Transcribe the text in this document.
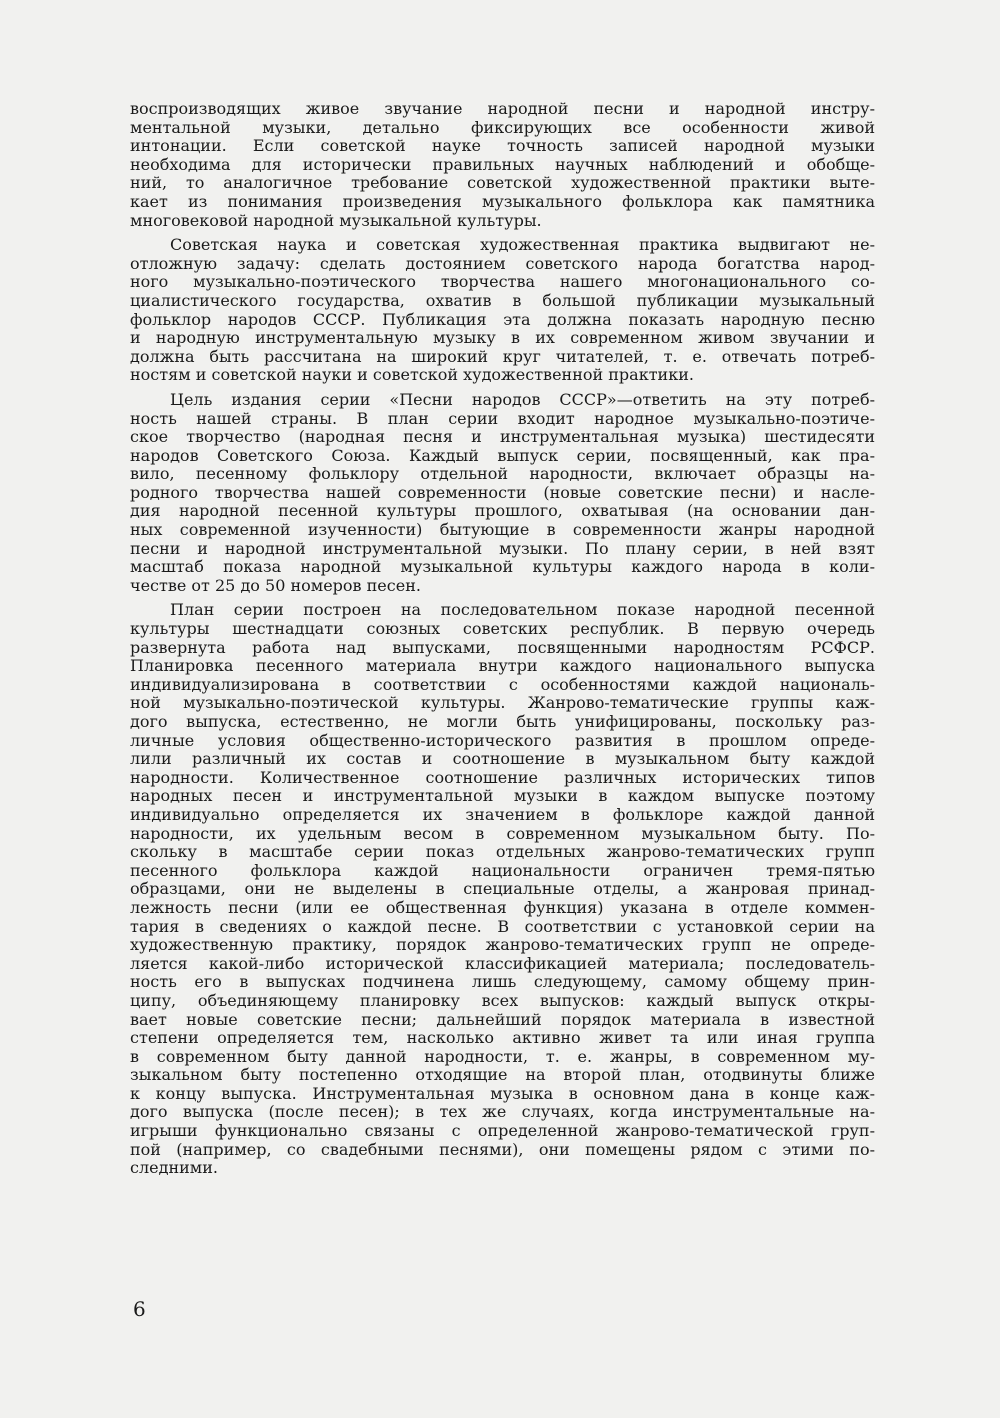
воспроизводящих живое звучание народной песни и народной инстру-
ментальной музыки, детально фиксирующих все особенности живой
интонации. Если советской науке точность записей народной музыки
необходима для исторически правильных научных наблюдений и обобще-
ний, то аналогичное требование советской художественной практики выте-
кает из понимания произведения музыкального фольклора как памятника
многовековой народной музыкальной культуры.
Советская наука и советская художественная практика выдвигают не-
отложную задачу: сделать достоянием советского народа богатства народ-
ного музыкально-поэтического творчества нашего многонационального со-
циалистического государства, охватив в большой публикации музыкальный
фольклор народов СССР. Публикация эта должна показать народную песню
и народную инструментальную музыку в их современном живом звучании и
должна быть рассчитана на широкий круг читателей, т. е. отвечать потреб-
ностям и советской науки и советской художественной практики.
Цель издания серии «Песни народов СССР»—ответить на эту потреб-
ность нашей страны. В план серии входит народное музыкально-поэтиче-
ское творчество (народная песня и инструментальная музыка) шестидесяти
народов Советского Союза. Каждый выпуск серии, посвященный, как пра-
вило, песенному фольклору отдельной народности, включает образцы на-
родного творчества нашей современности (новые советские песни) и насле-
дия народной песенной культуры прошлого, охватывая (на основании дан-
ных современной изученности) бытующие в современности жанры народной
песни и народной инструментальной музыки. По плану серии, в ней взят
масштаб показа народной музыкальной культуры каждого народа в коли-
честве от 25 до 50 номеров песен.
План серии построен на последовательном показе народной песенной
культуры шестнадцати союзных советских республик. В первую очередь
развернута работа над выпусками, посвященными народностям РСФСР.
Планировка песенного материала внутри каждого национального выпуска
индивидуализирована в соответствии с особенностями каждой националь-
ной музыкально-поэтической культуры. Жанрово-тематические группы каж-
дого выпуска, естественно, не могли быть унифицированы, поскольку раз-
личные условия общественно-исторического развития в прошлом опреде-
лили различный их состав и соотношение в музыкальном быту каждой
народности. Количественное соотношение различных исторических типов
народных песен и инструментальной музыки в каждом выпуске поэтому
индивидуально определяется их значением в фольклоре каждой данной
народности, их удельным весом в современном музыкальном быту. По-
скольку в масштабе серии показ отдельных жанрово-тематических групп
песенного фольклора каждой национальности ограничен тремя-пятью
образцами, они не выделены в специальные отделы, а жанровая принад-
лежность песни (или ее общественная функция) указана в отделе коммен-
тария в сведениях о каждой песне. В соответствии с установкой серии на
художественную практику, порядок жанрово-тематических групп не опреде-
ляется какой-либо исторической классификацией материала; последователь-
ность его в выпусках подчинена лишь следующему, самому общему прин-
ципу, объединяющему планировку всех выпусков: каждый выпуск откры-
вает новые советские песни; дальнейший порядок материала в известной
степени определяется тем, насколько активно живет та или иная группа
в современном быту данной народности, т. е. жанры, в современном му-
зыкальном быту постепенно отходящие на второй план, отодвинуты ближе
к концу выпуска. Инструментальная музыка в основном дана в конце каж-
дого выпуска (после песен); в тех же случаях, когда инструментальные на-
игрыши функционально связаны с определенной жанрово-тематической груп-
пой (например, со свадебными песнями), они помещены рядом с этими по-
следними.
6
